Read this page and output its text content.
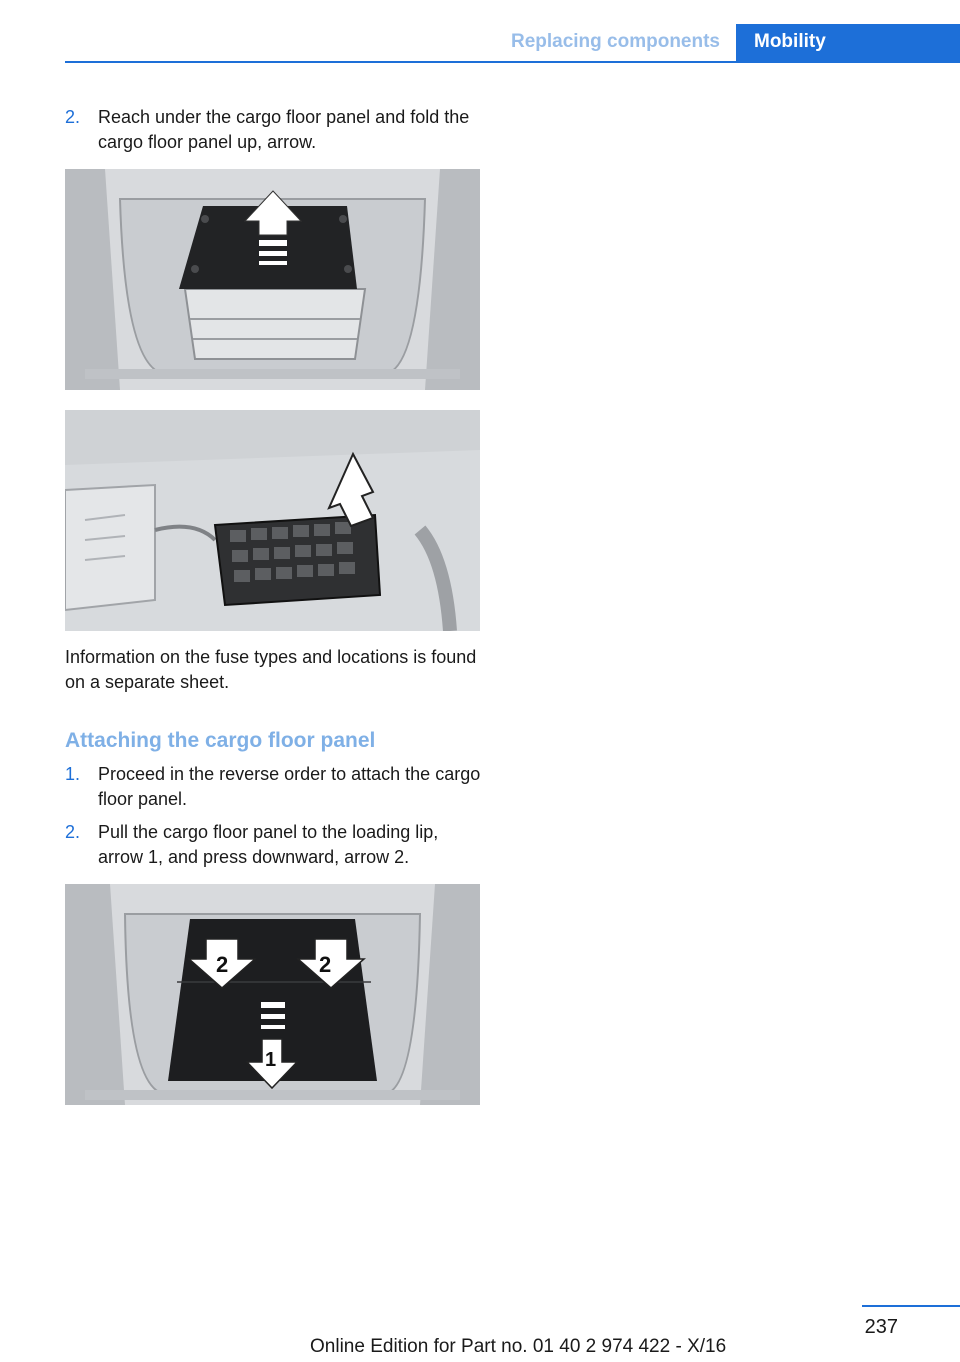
Replacing components	Mobility
2. Reach under the cargo floor panel and fold the cargo floor panel up, arrow.
Information on the fuse types and locations is found on a separate sheet.
Attaching the cargo floor panel
1. Proceed in the reverse order to attach the cargo floor panel.
2. Pull the cargo floor panel to the loading lip, arrow 1, and press downward, arrow 2.
2	2
1
237
Online Edition for Part no. 01 40 2 974 422 - X/16
